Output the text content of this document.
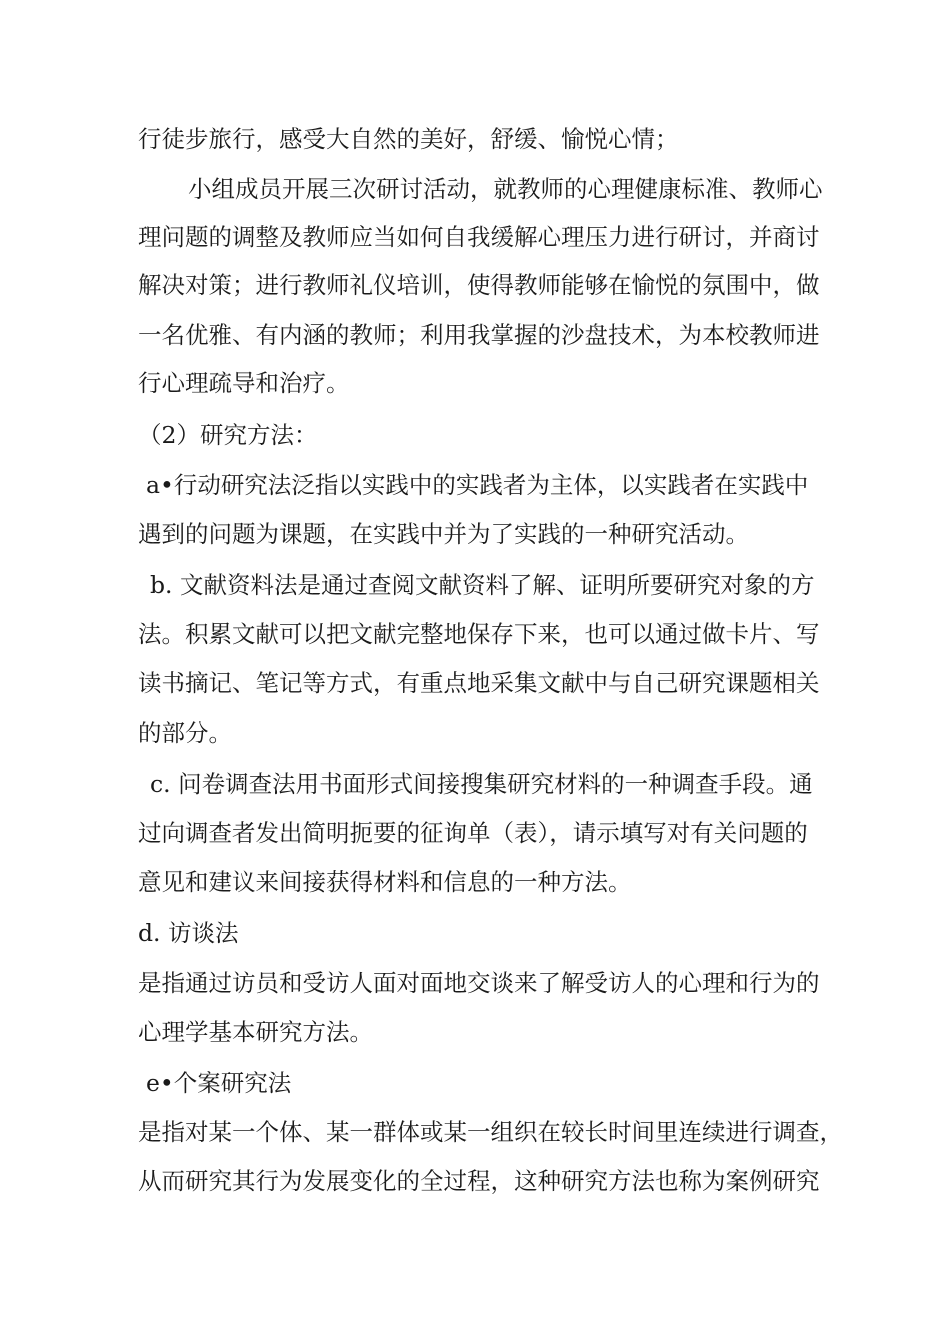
行徒步旅行，感受大自然的美好，舒缓、愉悦心情；
小组成员开展三次研讨活动，就教师的心理健康标准、教师心
理问题的调整及教师应当如何自我缓解心理压力进行研讨，并商讨
解决对策；进行教师礼仪培训，使得教师能够在愉悦的氛围中，做
一名优雅、有内涵的教师；利用我掌握的沙盘技术，为本校教师进
行心理疏导和治疗。
（2）研究方法：
a•行动研究法泛指以实践中的实践者为主体，以实践者在实践中
遇到的问题为课题，在实践中并为了实践的一种研究活动。
b. 文献资料法是通过查阅文献资料了解、证明所要研究对象的方
法。积累文献可以把文献完整地保存下来，也可以通过做卡片、写
读书摘记、笔记等方式，有重点地采集文献中与自己研究课题相关
的部分。
c. 问卷调查法用书面形式间接搜集研究材料的一种调查手段。通
过向调查者发出简明扼要的征询单（表），请示填写对有关问题的
意见和建议来间接获得材料和信息的一种方法。
d. 访谈法
是指通过访员和受访人面对面地交谈来了解受访人的心理和行为的
心理学基本研究方法。
e•个案研究法
是指对某一个体、某一群体或某一组织在较长时间里连续进行调查，
从而研究其行为发展变化的全过程，这种研究方法也称为案例研究
